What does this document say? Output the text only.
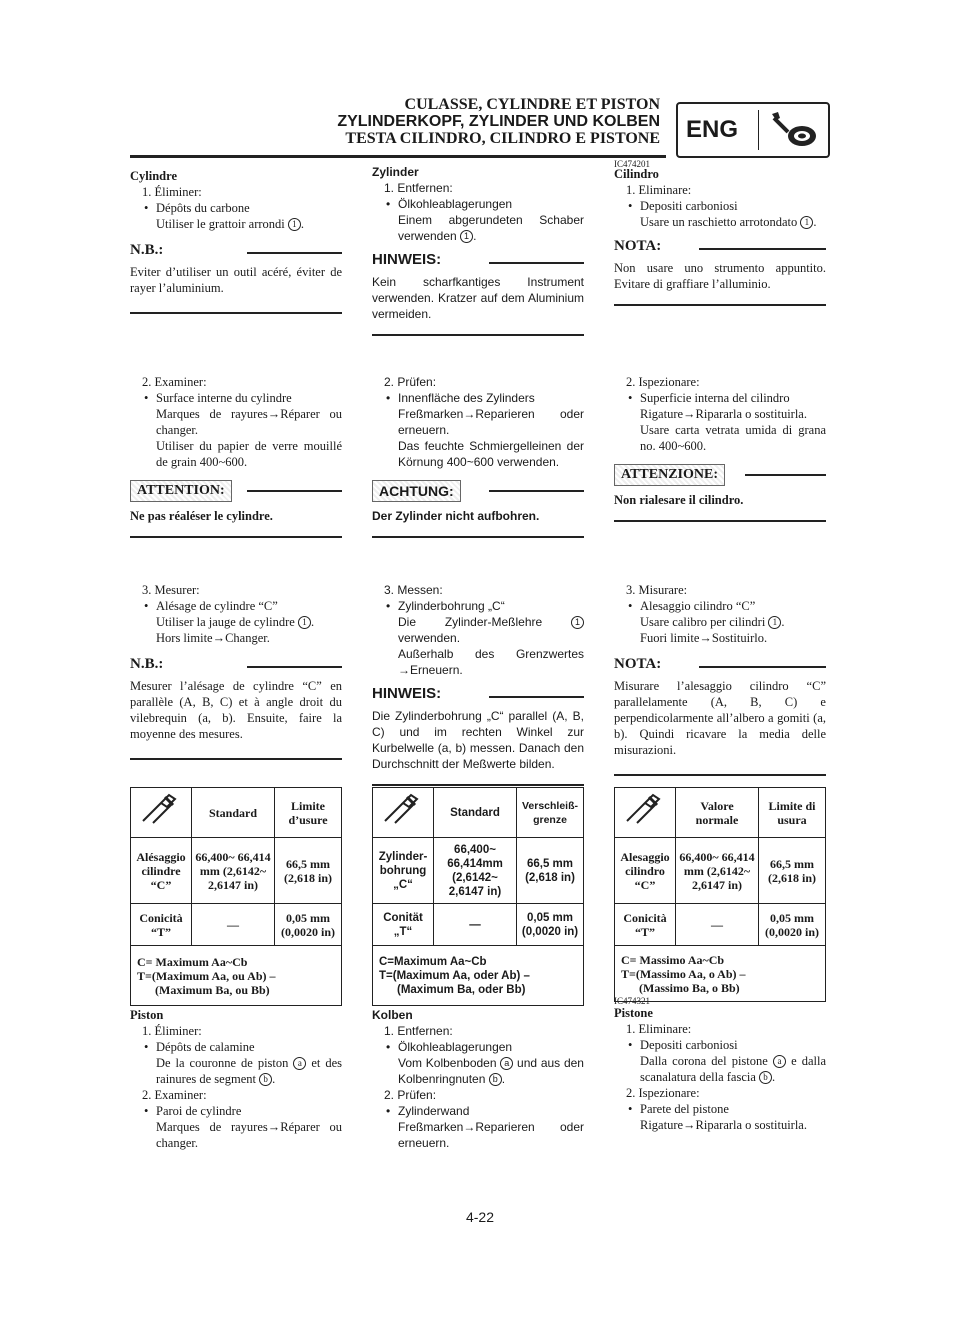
CULASSE, CYLINDRE ET PISTON
ZYLINDERKOPF, ZYLINDER UND KOLBEN
TESTA CILINDRO, CILINDRO E PISTONE ENG
IC474201
IC474321
Cylindre
1. Éliminer:
• Dépôts du carbone
Utiliser le grattoir arrondi 1 .
N.B.:
Eviter d’utiliser un outil acéré, éviter de rayer l’aluminium.
2. Examiner:
• Surface interne du cylindre
Marques de rayures→Réparer ou changer.
Utiliser du papier de verre mouillé de grain 400~600.
ATTENTION:
Ne pas réaléser le cylindre.
3. Mesurer:
• Alésage de cylindre “C”
Utiliser la jauge de cylindre 1 .
Hors limite→Changer.
N.B.:
Mesurer l’alésage de cylindre “C” en parallèle (A, B, C) et à angle droit du vilebrequin (a, b). Ensuite, faire la moyenne des mesures.
	Standard	Limite d’usure
Alésaggio cilindre “C”	66,400~ 66,414 mm (2,6142~ 2,6147 in)	66,5 mm (2,618 in)
Conicità “T”	—	0,05 mm (0,0020 in)

C= Maximum Aa~Cb
T=(Maximum Aa, ou Ab) –
(Maximum Ba, ou Bb)		
Piston
1. Éliminer:
• Dépôts de calamine
De la couronne de piston a et des rainures de segment b .
2. Examiner:
• Paroi de cylindre
Marques de rayures→Réparer ou changer.
Zylinder
1. Entfernen:
• Ölkohleablagerungen
Einem abgerundeten Schaber verwenden 1 .
HINWEIS:
Kein scharfkantiges Instrument verwenden. Kratzer auf dem Aluminium vermeiden.
2. Prüfen:
• Innenfläche des Zylinders
Freßmarken→Reparieren oder erneuern.
Das feuchte Schmiergelleinen der Körnung 400~600 verwenden.
ACHTUNG:
Der Zylinder nicht aufbohren.
3. Messen:
• Zylinderbohrung „C“
Die Zylinder-Meßlehre	1 verwenden.
Außerhalb des Grenzwertes →Erneuern.
HINWEIS:
Die Zylinderbohrung „C“ parallel (A, B, C) und im rechten Winkel zur Kurbelwelle (a, b) messen. Danach den Durchschnitt der Meßwerte bilden.
	Standard	Verschleiß-grenze
Zylinder-bohrung „C“	66,400~ 66,414mm (2,6142~ 2,6147 in)	66,5 mm (2,618 in)
Conität „T“	—	0,05 mm (0,0020 in)

C=Maximum Aa~Cb
T=(Maximum Aa, oder Ab) –
(Maximum Ba, oder Bb)		
Kolben
1. Entfernen:
• Ölkohleablagerungen
Vom Kolbenboden a und aus den Kolbenringnuten b .
2. Prüfen:
• Zylinderwand
Freßmarken→Reparieren oder erneuern.
Cilindro
1. Eliminare:
• Depositi carboniosi
Usare un raschietto arrotondato 1 .
NOTA:
Non usare uno strumento appuntito. Evitare di graffiare l’alluminio.
2. Ispezionare:
• Superficie interna del cilindro
Rigature→Ripararla o sostituirla.
Usare carta vetrata umida di grana no. 400~600.
ATTENZIONE:
Non rialesare il cilindro.
3. Misurare:
• Alesaggio cilindro “C”
Usare calibro per cilindri 1 .
Fuori limite→Sostituirlo.
NOTA:
Misurare l’alesaggio cilindro “C” parallelamente (A, B, C) e perpendicolarmente all’albero a gomiti (a, b). Quindi ricavare la media delle misurazioni.
	Valore normale	Limite di usura
Alesaggio cilindro “C”	66,400~ 66,414 mm (2,6142~ 2,6147 in)	66,5 mm (2,618 in)
Conicità “T”	—	0,05 mm (0,0020 in)

C= Massimo Aa~Cb
T=(Massimo Aa, o Ab) –
(Massimo Ba, o Bb)		
Pistone
1. Eliminare:
• Depositi carboniosi
Dalla corona del pistone a e dalla scanalatura della fascia b .
2. Ispezionare:
• Parete del pistone
Rigature→Ripararla o sostituirla.
4-22
